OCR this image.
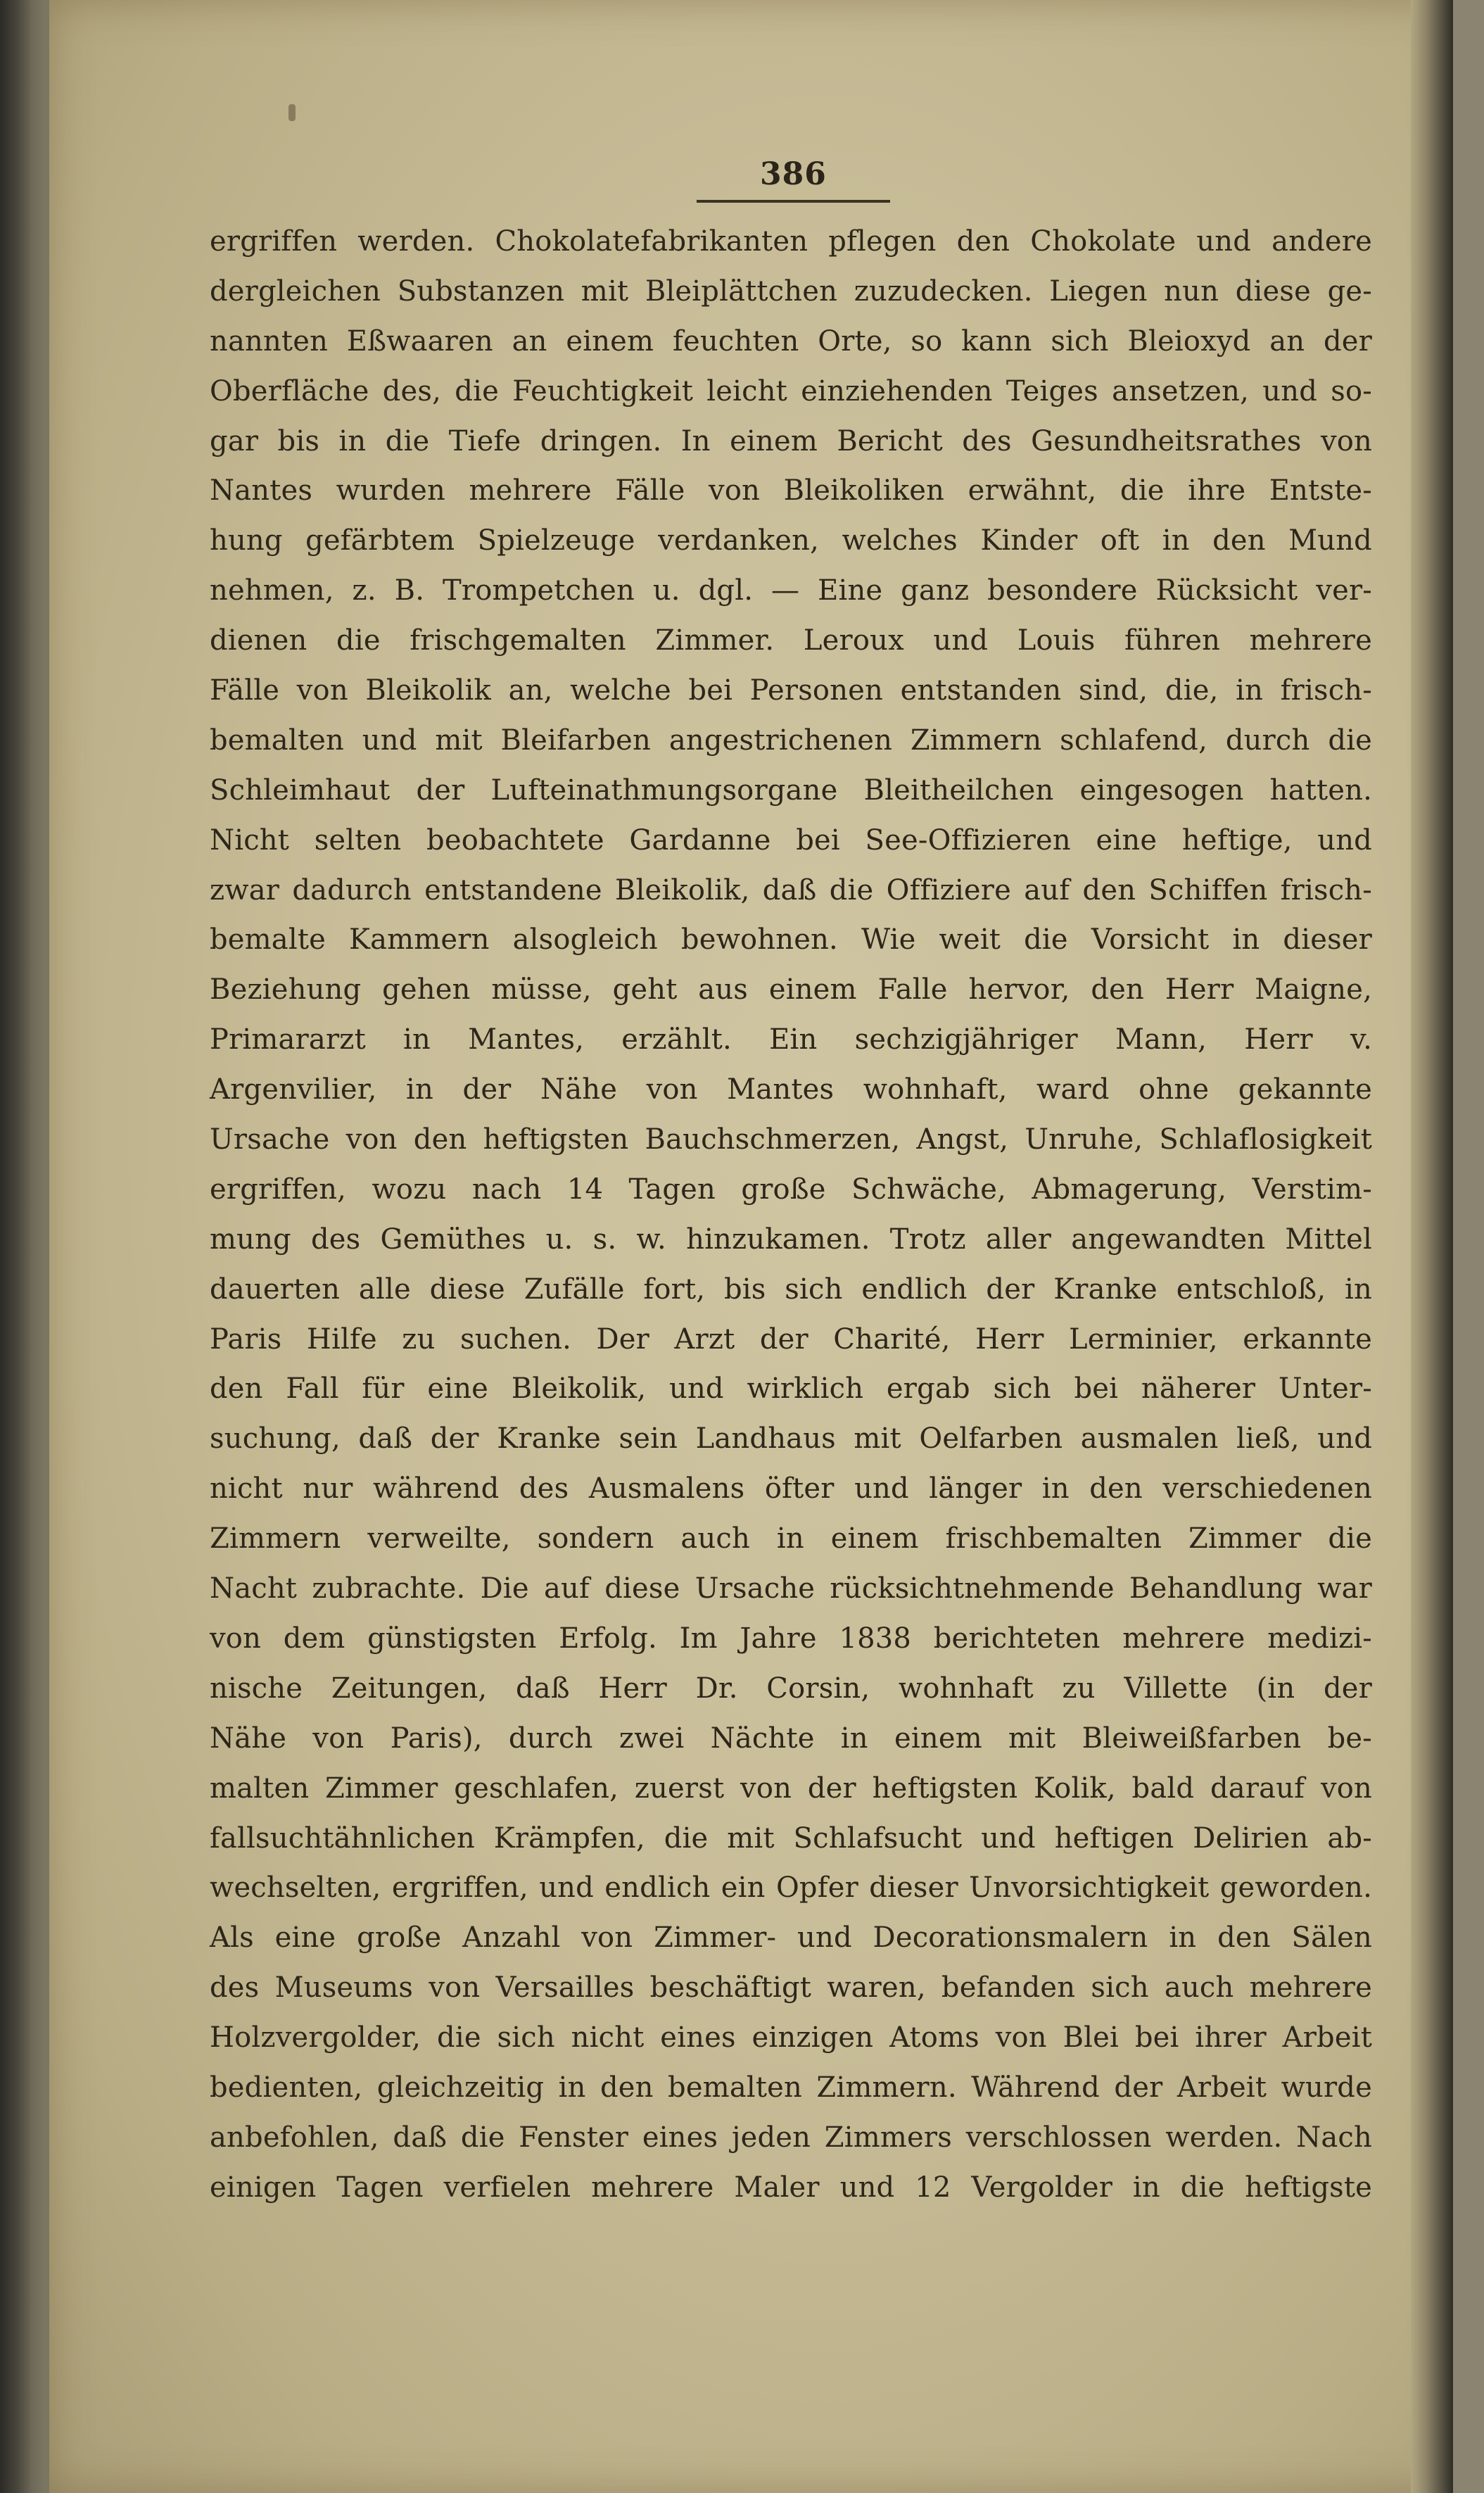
386
ergriffen werden. Chokolatefabrikanten pflegen den Chokolate und andere
dergleichen Substanzen mit Bleiplättchen zuzudecken. Liegen nun diese ge-
nannten Eßwaaren an einem feuchten Orte, so kann sich Bleioxyd an der
Oberfläche des, die Feuchtigkeit leicht einziehenden Teiges ansetzen, und so-
gar bis in die Tiefe dringen. In einem Bericht des Gesundheitsrathes von
Nantes wurden mehrere Fälle von Bleikoliken erwähnt, die ihre Entste-
hung gefärbtem Spielzeuge verdanken, welches Kinder oft in den Mund
nehmen, z. B. Trompetchen u. dgl. — Eine ganz besondere Rücksicht ver-
dienen die frischgemalten Zimmer. Leroux und Louis führen mehrere
Fälle von Bleikolik an, welche bei Personen entstanden sind, die, in frisch-
bemalten und mit Bleifarben angestrichenen Zimmern schlafend, durch die
Schleimhaut der Lufteinathmungsorgane Bleitheilchen eingesogen hatten.
Nicht selten beobachtete Gardanne bei See-Offizieren eine heftige, und
zwar dadurch entstandene Bleikolik, daß die Offiziere auf den Schiffen frisch-
bemalte Kammern alsogleich bewohnen. Wie weit die Vorsicht in dieser
Beziehung gehen müsse, geht aus einem Falle hervor, den Herr Maigne,
Primararzt in Mantes, erzählt. Ein sechzigjähriger Mann, Herr v.
Argenvilier, in der Nähe von Mantes wohnhaft, ward ohne gekannte
Ursache von den heftigsten Bauchschmerzen, Angst, Unruhe, Schlaflosigkeit
ergriffen, wozu nach 14 Tagen große Schwäche, Abmagerung, Verstim-
mung des Gemüthes u. s. w. hinzukamen. Trotz aller angewandten Mittel
dauerten alle diese Zufälle fort, bis sich endlich der Kranke entschloß, in
Paris Hilfe zu suchen. Der Arzt der Charité, Herr Lerminier, erkannte
den Fall für eine Bleikolik, und wirklich ergab sich bei näherer Unter-
suchung, daß der Kranke sein Landhaus mit Oelfarben ausmalen ließ, und
nicht nur während des Ausmalens öfter und länger in den verschiedenen
Zimmern verweilte, sondern auch in einem frischbemalten Zimmer die
Nacht zubrachte. Die auf diese Ursache rücksichtnehmende Behandlung war
von dem günstigsten Erfolg. Im Jahre 1838 berichteten mehrere medizi-
nische Zeitungen, daß Herr Dr. Corsin, wohnhaft zu Villette (in der
Nähe von Paris), durch zwei Nächte in einem mit Bleiweißfarben be-
malten Zimmer geschlafen, zuerst von der heftigsten Kolik, bald darauf von
fallsuchtähnlichen Krämpfen, die mit Schlafsucht und heftigen Delirien ab-
wechselten, ergriffen, und endlich ein Opfer dieser Unvorsichtigkeit geworden.
Als eine große Anzahl von Zimmer- und Decorationsmalern in den Sälen
des Museums von Versailles beschäftigt waren, befanden sich auch mehrere
Holzvergolder, die sich nicht eines einzigen Atoms von Blei bei ihrer Arbeit
bedienten, gleichzeitig in den bemalten Zimmern. Während der Arbeit wurde
anbefohlen, daß die Fenster eines jeden Zimmers verschlossen werden. Nach
einigen Tagen verfielen mehrere Maler und 12 Vergolder in die heftigste
